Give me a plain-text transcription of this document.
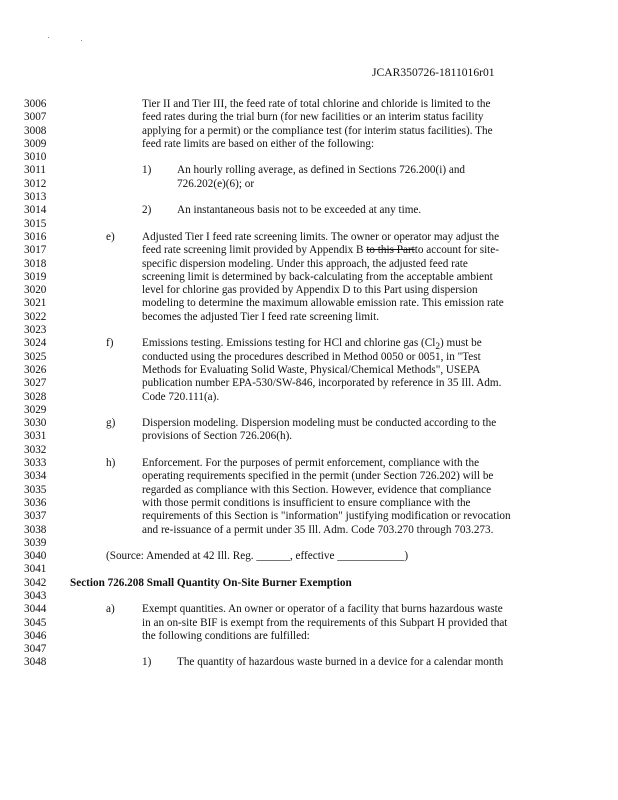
JCAR350726-1811016r01
3006	Tier II and Tier III, the feed rate of total chlorine and chloride is limited to the
3007	feed rates during the trial burn (for new facilities or an interim status facility
3008	applying for a permit) or the compliance test (for interim status facilities). The
3009	feed rate limits are based on either of the following:
3010
3011	1) An hourly rolling average, as defined in Sections 726.200(i) and
3012	726.202(e)(6); or
3013
3014	2) An instantaneous basis not to be exceeded at any time.
3015
3016	e) Adjusted Tier I feed rate screening limits. The owner or operator may adjust the
3017	feed rate screening limit provided by Appendix B to this Partto account for site-
3018	specific dispersion modeling. Under this approach, the adjusted feed rate
3019	screening limit is determined by back-calculating from the acceptable ambient
3020	level for chlorine gas provided by Appendix D to this Part using dispersion
3021	modeling to determine the maximum allowable emission rate. This emission rate
3022	becomes the adjusted Tier I feed rate screening limit.
3023
3024	f)	Emissions testing. Emissions testing for HCl and chlorine gas $(Cl_2)$ must be
3025	conducted using the procedures described in Method 0050 or 0051, in "Test
3026	Methods for Evaluating Solid Waste, Physical/Chemical Methods", USEPA
3027	publication number EPA-530/SW-846, incorporated by reference in 35 Ill. Adm.
3028	Code 720.111(a).
3029
3030	g) Dispersion modeling. Dispersion modeling must be conducted according to the
3031	provisions of Section 726.206(h).
3032
3033	h) Enforcement. For the purposes of permit enforcement, compliance with the
3034	operating requirements specified in the permit (under Section 726.202) will be
3035	regarded as compliance with this Section. However, evidence that compliance
3036	with those permit conditions is insufficient to ensure compliance with the
3037	requirements of this Section is "information" justifying modification or revocation
3038	and re-issuance of a permit under 35 Ill. Adm. Code 703.270 through 703.273.
3039
3040	(Source: Amended at 42 Ill. Reg. ______, effective ____________)
3041
3042	Section 726.208 Small Quantity On-Site Burner Exemption
3043
3044	a) Exempt quantities. An owner or operator of a facility that burns hazardous waste
3045	in an on-site BIF is exempt from the requirements of this Subpart H provided that
3046	the following conditions are fulfilled:
3047
3048	1) The quantity of hazardous waste burned in a device for a calendar month
